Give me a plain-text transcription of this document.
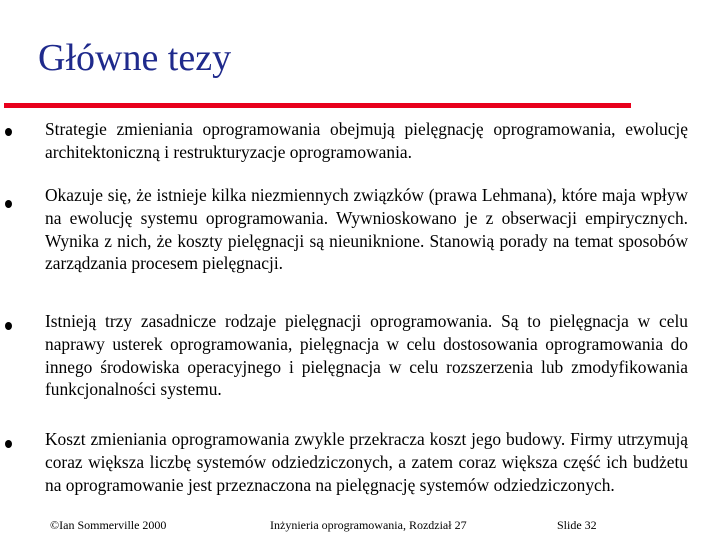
Główne tezy
Strategie zmieniania oprogramowania obejmują pielęgnację oprogramowania, ewolucję architektoniczną i restrukturyzacje oprogramowania.
Okazuje się, że istnieje kilka niezmiennych związków (prawa Lehmana), które maja wpływ na ewolucję systemu oprogramowania. Wywnioskowano je z obserwacji empirycznych. Wynika z nich, że koszty pielęgnacji są nieuniknione. Stanowią porady na temat sposobów zarządzania procesem pielęgnacji.
Istnieją trzy zasadnicze rodzaje pielęgnacji oprogramowania. Są to pielęgnacja w celu naprawy usterek oprogramowania, pielęgnacja w celu dostosowania oprogramowania do innego środowiska operacyjnego i pielęgnacja w celu rozszerzenia lub zmodyfikowania funkcjonalności systemu.
Koszt zmieniania oprogramowania zwykle przekracza koszt jego budowy. Firmy utrzymują coraz większa liczbę systemów odziedziczonych, a zatem coraz większa część ich budżetu na oprogramowanie jest przeznaczona na pielęgnację systemów odziedziczonych.
©Ian Sommerville 2000	Inżynieria oprogramowania, Rozdział 27	Slide 32
